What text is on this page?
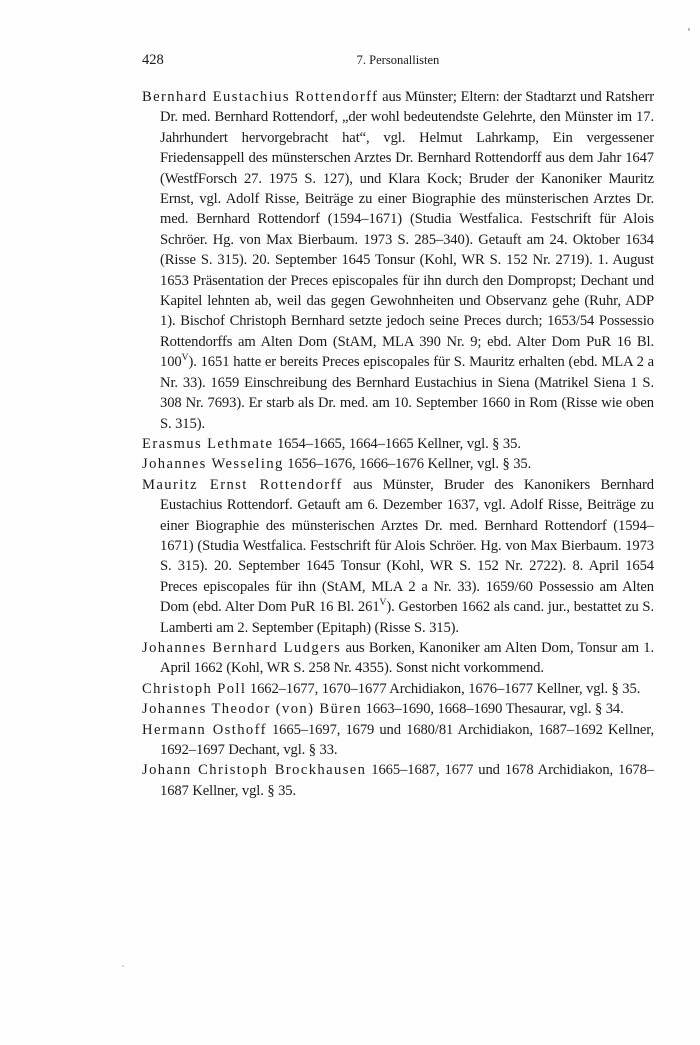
428	7. Personallisten

Bernhard Eustachius Rottendorff aus Münster; Eltern: der Stadtarzt und Ratsherr Dr. med. Bernhard Rottendorf, „der wohl bedeutendste Gelehrte, den Münster im 17. Jahrhundert hervorgebracht hat“, vgl. Helmut Lahrkamp, Ein vergessener Friedensappell des münsterschen Arztes Dr. Bernhard Rottendorff aus dem Jahr 1647 (WestfForsch 27. 1975 S. 127), und Klara Kock; Bruder der Kanoniker Mauritz Ernst, vgl. Adolf Risse, Beiträge zu einer Biographie des münsterischen Arztes Dr. med. Bernhard Rottendorf (1594–1671) (Studia Westfalica. Festschrift für Alois Schröer. Hg. von Max Bierbaum. 1973 S. 285–340). Getauft am 24. Oktober 1634 (Risse S. 315). 20. September 1645 Tonsur (Kohl, WR S. 152 Nr. 2719). 1. August 1653 Präsentation der Preces episcopales für ihn durch den Dompropst; Dechant und Kapitel lehnten ab, weil das gegen Gewohnheiten und Observanz gehe (Ruhr, ADP 1). Bischof Christoph Bernhard setzte jedoch seine Preces durch; 1653/54 Possessio Rottendorffs am Alten Dom (StAM, MLA 390 Nr. 9; ebd. Alter Dom PuR 16 Bl. $100^V$). 1651 hatte er bereits Preces episcopales für S. Mauritz erhalten (ebd. MLA 2 a Nr. 33). 1659 Einschreibung des Bernhard Eustachius in Siena (Matrikel Siena 1 S. 308 Nr. 7693). Er starb als Dr. med. am 10. September 1660 in Rom (Risse wie oben S. 315).

Erasmus Lethmate 1654–1665, 1664–1665 Kellner, vgl. § 35.

Johannes Wesseling 1656–1676, 1666–1676 Kellner, vgl. § 35.

Mauritz Ernst Rottendorff aus Münster, Bruder des Kanonikers Bernhard Eustachius Rottendorf. Getauft am 6. Dezember 1637, vgl. Adolf Risse, Beiträge zu einer Biographie des münsterischen Arztes Dr. med. Bernhard Rottendorf (1594–1671) (Studia Westfalica. Festschrift für Alois Schröer. Hg. von Max Bierbaum. 1973 S. 315). 20. September 1645 Tonsur (Kohl, WR S. 152 Nr. 2722). 8. April 1654 Preces episcopales für ihn (StAM, MLA 2 a Nr. 33). 1659/60 Possessio am Alten Dom (ebd. Alter Dom PuR 16 Bl. $261^V$). Gestorben 1662 als cand. jur., bestattet zu S. Lamberti am 2. September (Epitaph) (Risse S. 315).

Johannes Bernhard Ludgers aus Borken, Kanoniker am Alten Dom, Tonsur am 1. April 1662 (Kohl, WR S. 258 Nr. 4355). Sonst nicht vorkommend.

Christoph Poll 1662–1677, 1670–1677 Archidiakon, 1676–1677 Kellner, vgl. § 35.

Johannes Theodor (von) Büren 1663–1690, 1668–1690 Thesaurar, vgl. § 34.

Hermann Osthoff 1665–1697, 1679 und 1680/81 Archidiakon, 1687–1692 Kellner, 1692–1697 Dechant, vgl. § 33.

Johann Christoph Brockhausen 1665–1687, 1677 und 1678 Archidiakon, 1678–1687 Kellner, vgl. § 35.
